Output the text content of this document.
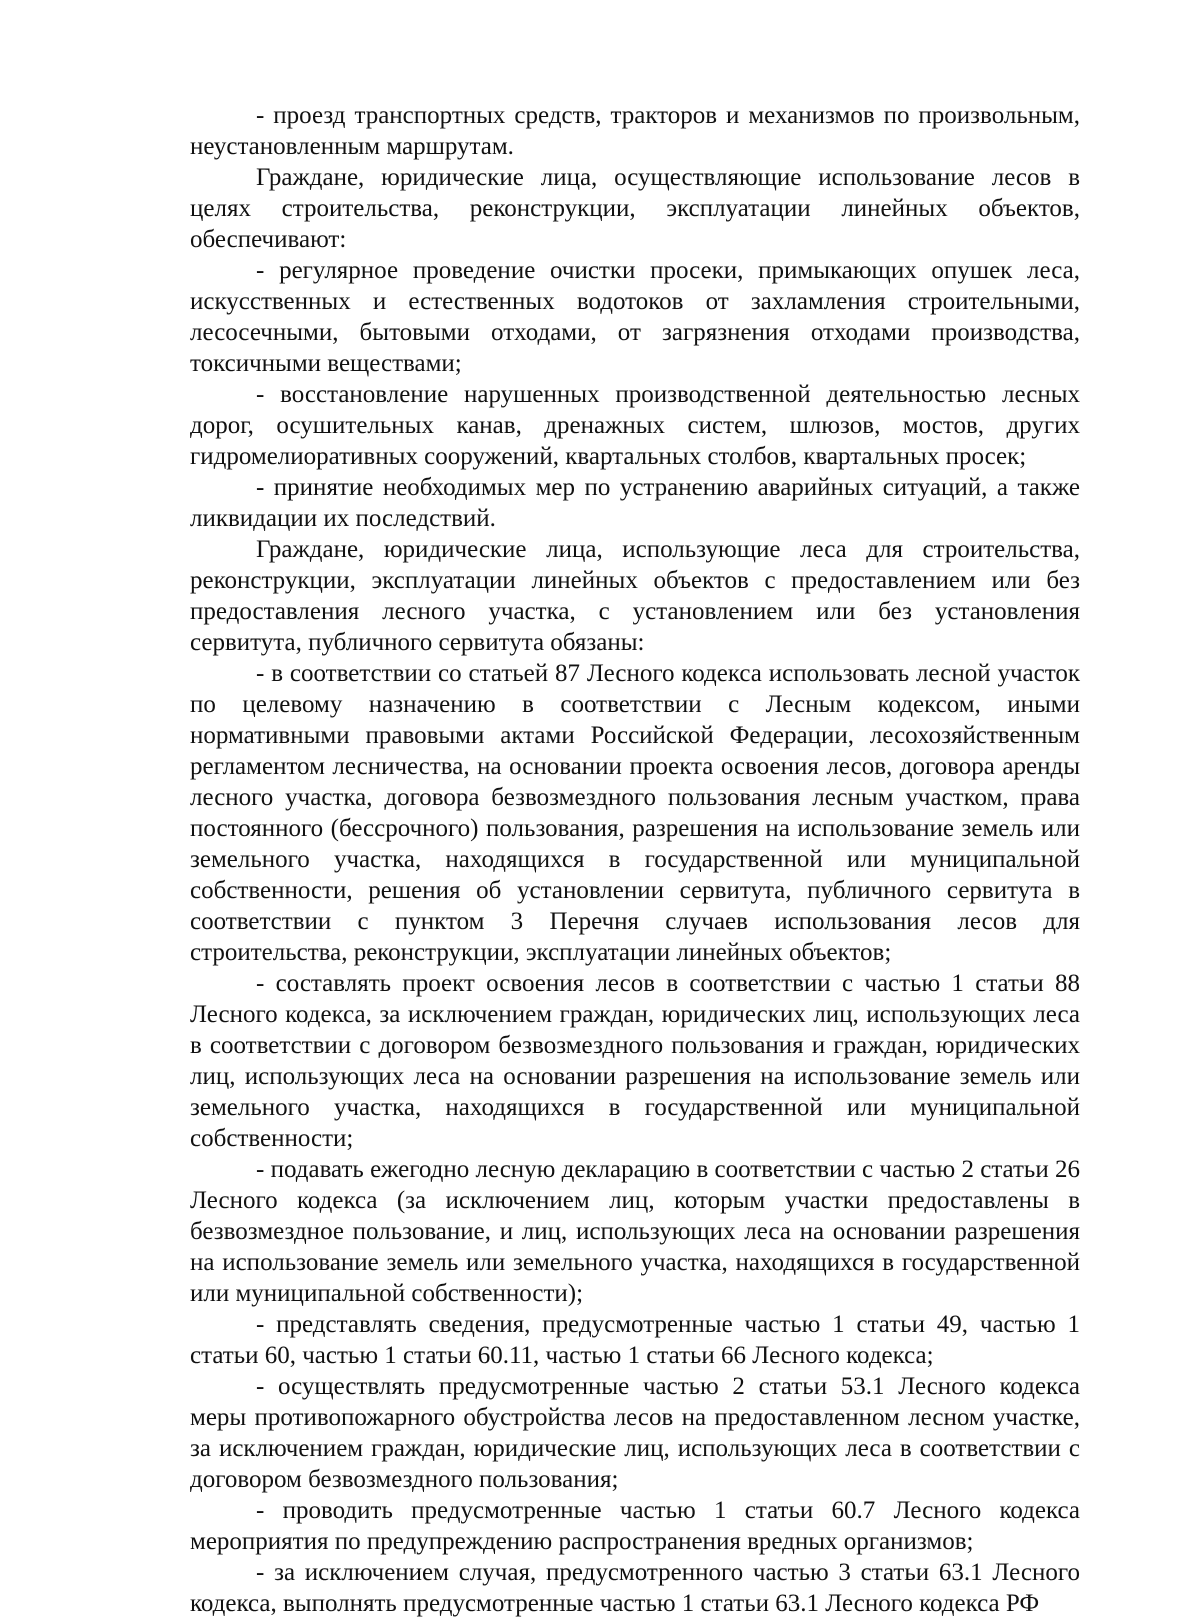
- проезд транспортных средств, тракторов и механизмов по произвольным, неустановленным маршрутам.

Граждане, юридические лица, осуществляющие использование лесов в целях строительства, реконструкции, эксплуатации линейных объектов, обеспечивают:

- регулярное проведение очистки просеки, примыкающих опушек леса, искусственных и естественных водотоков от захламления строительными, лесосечными, бытовыми отходами, от загрязнения отходами производства, токсичными веществами;

- восстановление нарушенных производственной деятельностью лесных дорог, осушительных канав, дренажных систем, шлюзов, мостов, других гидромелиоративных сооружений, квартальных столбов, квартальных просек;

- принятие необходимых мер по устранению аварийных ситуаций, а также ликвидации их последствий.

Граждане, юридические лица, использующие леса для строительства, реконструкции, эксплуатации линейных объектов с предоставлением или без предоставления лесного участка, с установлением или без установления сервитута, публичного сервитута обязаны:

- в соответствии со статьей 87 Лесного кодекса использовать лесной участок по целевому назначению в соответствии с Лесным кодексом, иными нормативными правовыми актами Российской Федерации, лесохозяйственным регламентом лесничества, на основании проекта освоения лесов, договора аренды лесного участка, договора безвозмездного пользования лесным участком, права постоянного (бессрочного) пользования, разрешения на использование земель или земельного участка, находящихся в государственной или муниципальной собственности, решения об установлении сервитута, публичного сервитута в соответствии с пунктом 3 Перечня случаев использования лесов для строительства, реконструкции, эксплуатации линейных объектов;

- составлять проект освоения лесов в соответствии с частью 1 статьи 88 Лесного кодекса, за исключением граждан, юридических лиц, использующих леса в соответствии с договором безвозмездного пользования и граждан, юридических лиц, использующих леса на основании разрешения на использование земель или земельного участка, находящихся в государственной или муниципальной собственности;

- подавать ежегодно лесную декларацию в соответствии с частью 2 статьи 26 Лесного кодекса (за исключением лиц, которым участки предоставлены в безвозмездное пользование, и лиц, использующих леса на основании разрешения на использование земель или земельного участка, находящихся в государственной или муниципальной собственности);

- представлять сведения, предусмотренные частью 1 статьи 49, частью 1 статьи 60, частью 1 статьи 60.11, частью 1 статьи 66 Лесного кодекса;

- осуществлять предусмотренные частью 2 статьи 53.1 Лесного кодекса меры противопожарного обустройства лесов на предоставленном лесном участке, за исключением граждан, юридические лиц, использующих леса в соответствии с договором безвозмездного пользования;

- проводить предусмотренные частью 1 статьи 60.7 Лесного кодекса мероприятия по предупреждению распространения вредных организмов;

- за исключением случая, предусмотренного частью 3 статьи 63.1 Лесного кодекса, выполнять предусмотренные частью 1 статьи 63.1 Лесного кодекса РФ
